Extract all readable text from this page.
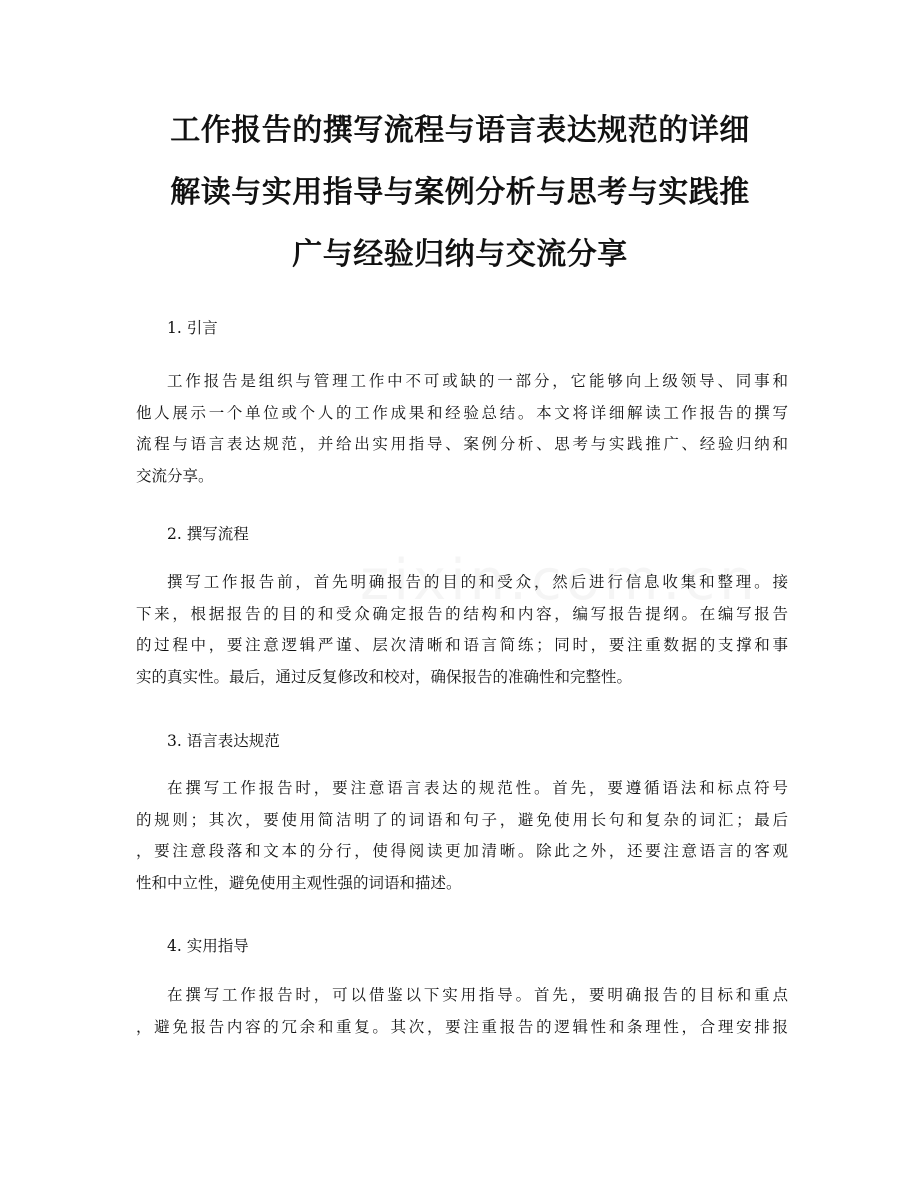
工作报告的撰写流程与语言表达规范的详细
解读与实用指导与案例分析与思考与实践推
广与经验归纳与交流分享
1. 引言
工作报告是组织与管理工作中不可或缺的一部分，它能够向上级领导、同事和
他人展示一个单位或个人的工作成果和经验总结。本文将详细解读工作报告的撰写
流程与语言表达规范，并给出实用指导、案例分析、思考与实践推广、经验归纳和
交流分享。
2. 撰写流程
撰写工作报告前，首先明确报告的目的和受众，然后进行信息收集和整理。接
下来，根据报告的目的和受众确定报告的结构和内容，编写报告提纲。在编写报告
的过程中，要注意逻辑严谨、层次清晰和语言简练；同时，要注重数据的支撑和事
实的真实性。最后，通过反复修改和校对，确保报告的准确性和完整性。
3. 语言表达规范
在撰写工作报告时，要注意语言表达的规范性。首先，要遵循语法和标点符号
的规则；其次，要使用简洁明了的词语和句子，避免使用长句和复杂的词汇；最后
，要注意段落和文本的分行，使得阅读更加清晰。除此之外，还要注意语言的客观
性和中立性，避免使用主观性强的词语和描述。
4. 实用指导
在撰写工作报告时，可以借鉴以下实用指导。首先，要明确报告的目标和重点
，避免报告内容的冗余和重复。其次，要注重报告的逻辑性和条理性，合理安排报
